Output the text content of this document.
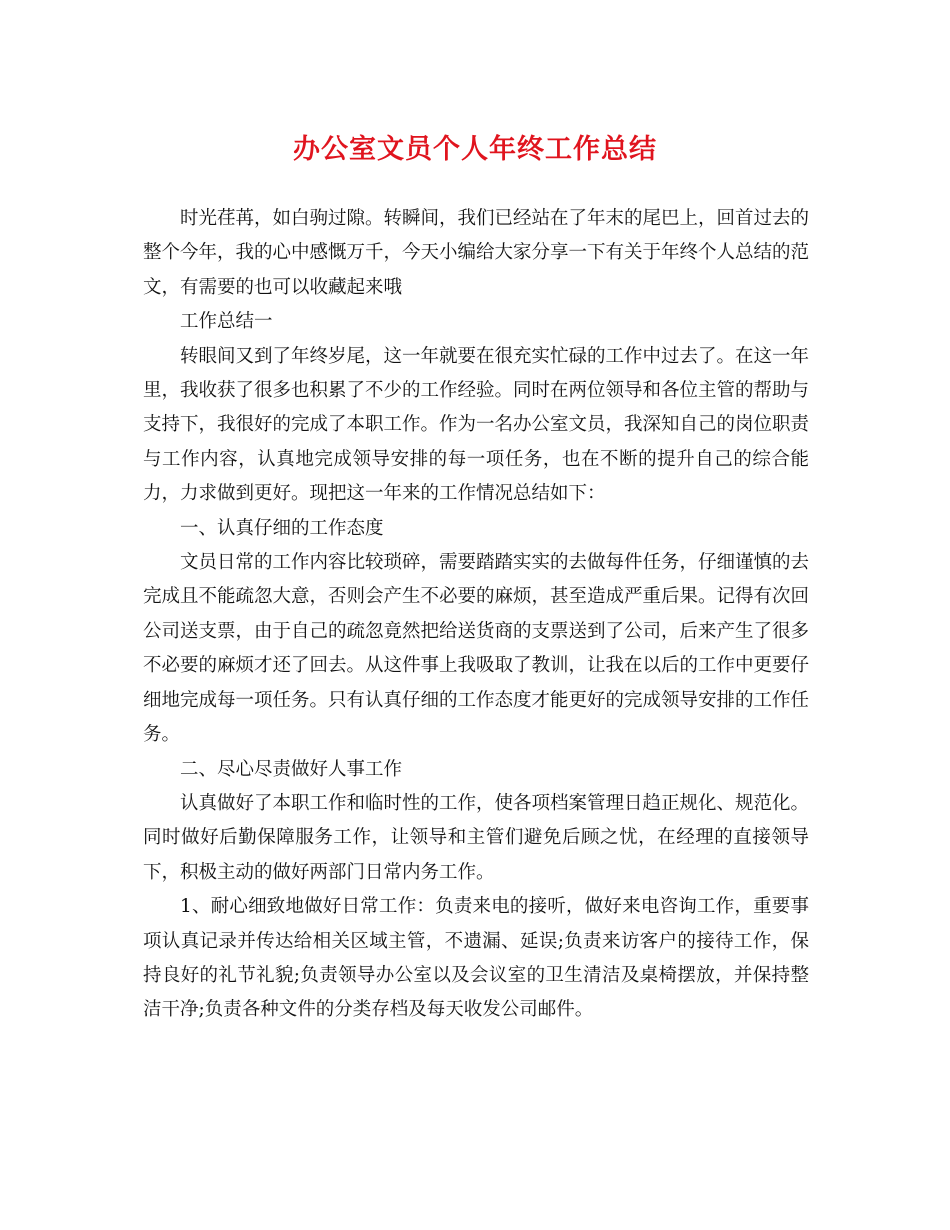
办公室文员个人年终工作总结

时光荏苒，如白驹过隙。转瞬间，我们已经站在了年末的尾巴上，回首过去的整个今年，我的心中感慨万千，今天小编给大家分享一下有关于年终个人总结的范文，有需要的也可以收藏起来哦

工作总结一

转眼间又到了年终岁尾，这一年就要在很充实忙碌的工作中过去了。在这一年里，我收获了很多也积累了不少的工作经验。同时在两位领导和各位主管的帮助与支持下，我很好的完成了本职工作。作为一名办公室文员，我深知自己的岗位职责与工作内容，认真地完成领导安排的每一项任务，也在不断的提升自己的综合能力，力求做到更好。现把这一年来的工作情况总结如下：

一、认真仔细的工作态度

文员日常的工作内容比较琐碎，需要踏踏实实的去做每件任务，仔细谨慎的去完成且不能疏忽大意，否则会产生不必要的麻烦，甚至造成严重后果。记得有次回公司送支票，由于自己的疏忽竟然把给送货商的支票送到了公司，后来产生了很多不必要的麻烦才还了回去。从这件事上我吸取了教训，让我在以后的工作中更要仔细地完成每一项任务。只有认真仔细的工作态度才能更好的完成领导安排的工作任务。

二、尽心尽责做好人事工作

认真做好了本职工作和临时性的工作，使各项档案管理日趋正规化、规范化。同时做好后勤保障服务工作，让领导和主管们避免后顾之忧，在经理的直接领导下，积极主动的做好两部门日常内务工作。

1、耐心细致地做好日常工作：负责来电的接听，做好来电咨询工作，重要事项认真记录并传达给相关区域主管，不遗漏、延误;负责来访客户的接待工作，保持良好的礼节礼貌;负责领导办公室以及会议室的卫生清洁及桌椅摆放，并保持整洁干净;负责各种文件的分类存档及每天收发公司邮件。
